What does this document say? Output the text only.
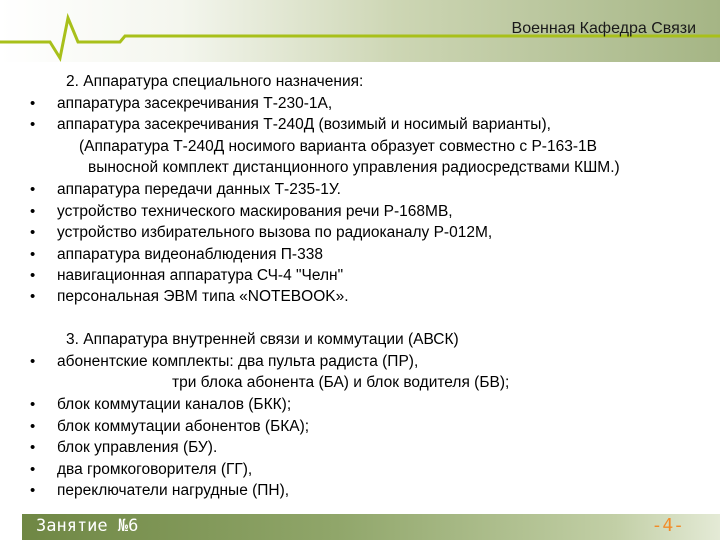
Военная Кафедра Связи
2. Аппаратура специального назначения:
• аппаратура засекречивания Т-230-1А,
• аппаратура засекречивания Т-240Д (возимый и носимый варианты),
(Аппаратура Т-240Д носимого варианта образует совместно с Р-163-1В
выносной комплект дистанционного управления радиосредствами КШМ.)
• аппаратура передачи данных Т-235-1У.
• устройство технического маскирования речи Р-168МВ,
• устройство избирательного вызова по радиоканалу Р-012М,
• аппаратура видеонаблюдения П-338
• навигационная аппаратура СЧ-4 "Челн"
• персональная ЭВМ типа «NOTEBOOK».
3. Аппаратура внутренней связи и коммутации (АВСК)
• абонентские комплекты: два пульта радиста (ПР),
три блока абонента (БА) и блок водителя (БВ);
• блок коммутации каналов (БКК);
• блок коммутации абонентов (БКА);
• блок управления (БУ).
• два громкоговорителя (ГГ),
• переключатели нагрудные (ПН),
Занятие №6	-4-
